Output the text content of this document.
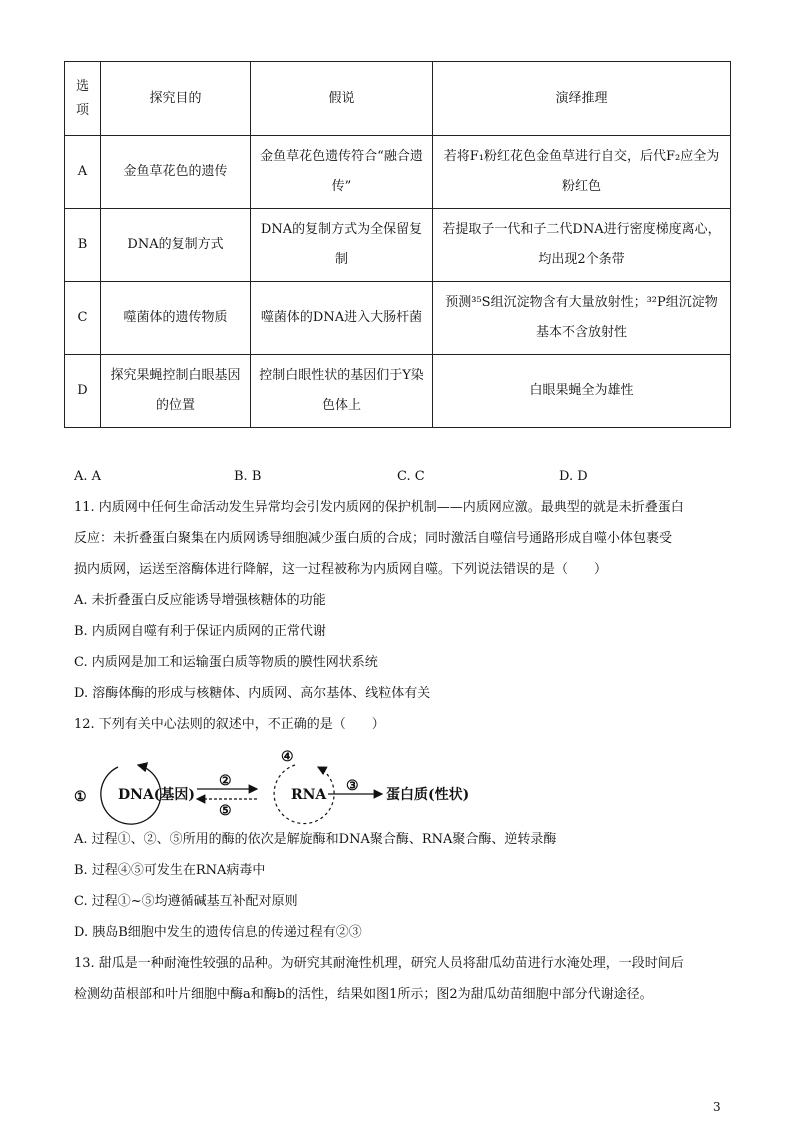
选
项	探究目的	假说	演绎推理
A	金鱼草花色的遗传	金鱼草花色遗传符合“融合遗传”	若将F₁粉红花色金鱼草进行自交，后代F₂应全为粉红色
B	DNA的复制方式	DNA的复制方式为全保留复制	若提取子一代和子二代DNA进行密度梯度离心，均出现2个条带
C	噬菌体的遗传物质	噬菌体的DNA进入大肠杆菌	预测³⁵S组沉淀物含有大量放射性；³²P组沉淀物基本不含放射性
D	探究果蝇控制白眼基因的位置	控制白眼性状的基因们于Y染色体上	白眼果蝇全为雄性
A. A	B. B	C. C	D. D
11. 内质网中任何生命活动发生异常均会引发内质网的保护机制——内质网应激。最典型的就是未折叠蛋白
反应：未折叠蛋白聚集在内质网诱导细胞减少蛋白质的合成；同时激活自噬信号通路形成自噬小体包裹受
损内质网，运送至溶酶体进行降解，这一过程被称为内质网自噬。下列说法错误的是（　　）
A. 未折叠蛋白反应能诱导增强核糖体的功能
B. 内质网自噬有利于保证内质网的正常代谢
C. 内质网是加工和运输蛋白质等物质的膜性网状系统
D. 溶酶体酶的形成与核糖体、内质网、高尔基体、线粒体有关
12. 下列有关中心法则的叙述中，不正确的是（　　）
① DNA(基因)
②
⑤
④
RNA
③
蛋白质(性状)
A. 过程①、②、⑤所用的酶的依次是解旋酶和DNA聚合酶、RNA聚合酶、逆转录酶
B. 过程④⑤可发生在RNA病毒中
C. 过程①~⑤均遵循碱基互补配对原则
D. 胰岛B细胞中发生的遗传信息的传递过程有②③
13. 甜瓜是一种耐淹性较强的品种。为研究其耐淹性机理，研究人员将甜瓜幼苗进行水淹处理，一段时间后
检测幼苗根部和叶片细胞中酶a和酶b的活性，结果如图1所示；图2为甜瓜幼苗细胞中部分代谢途径。
3
